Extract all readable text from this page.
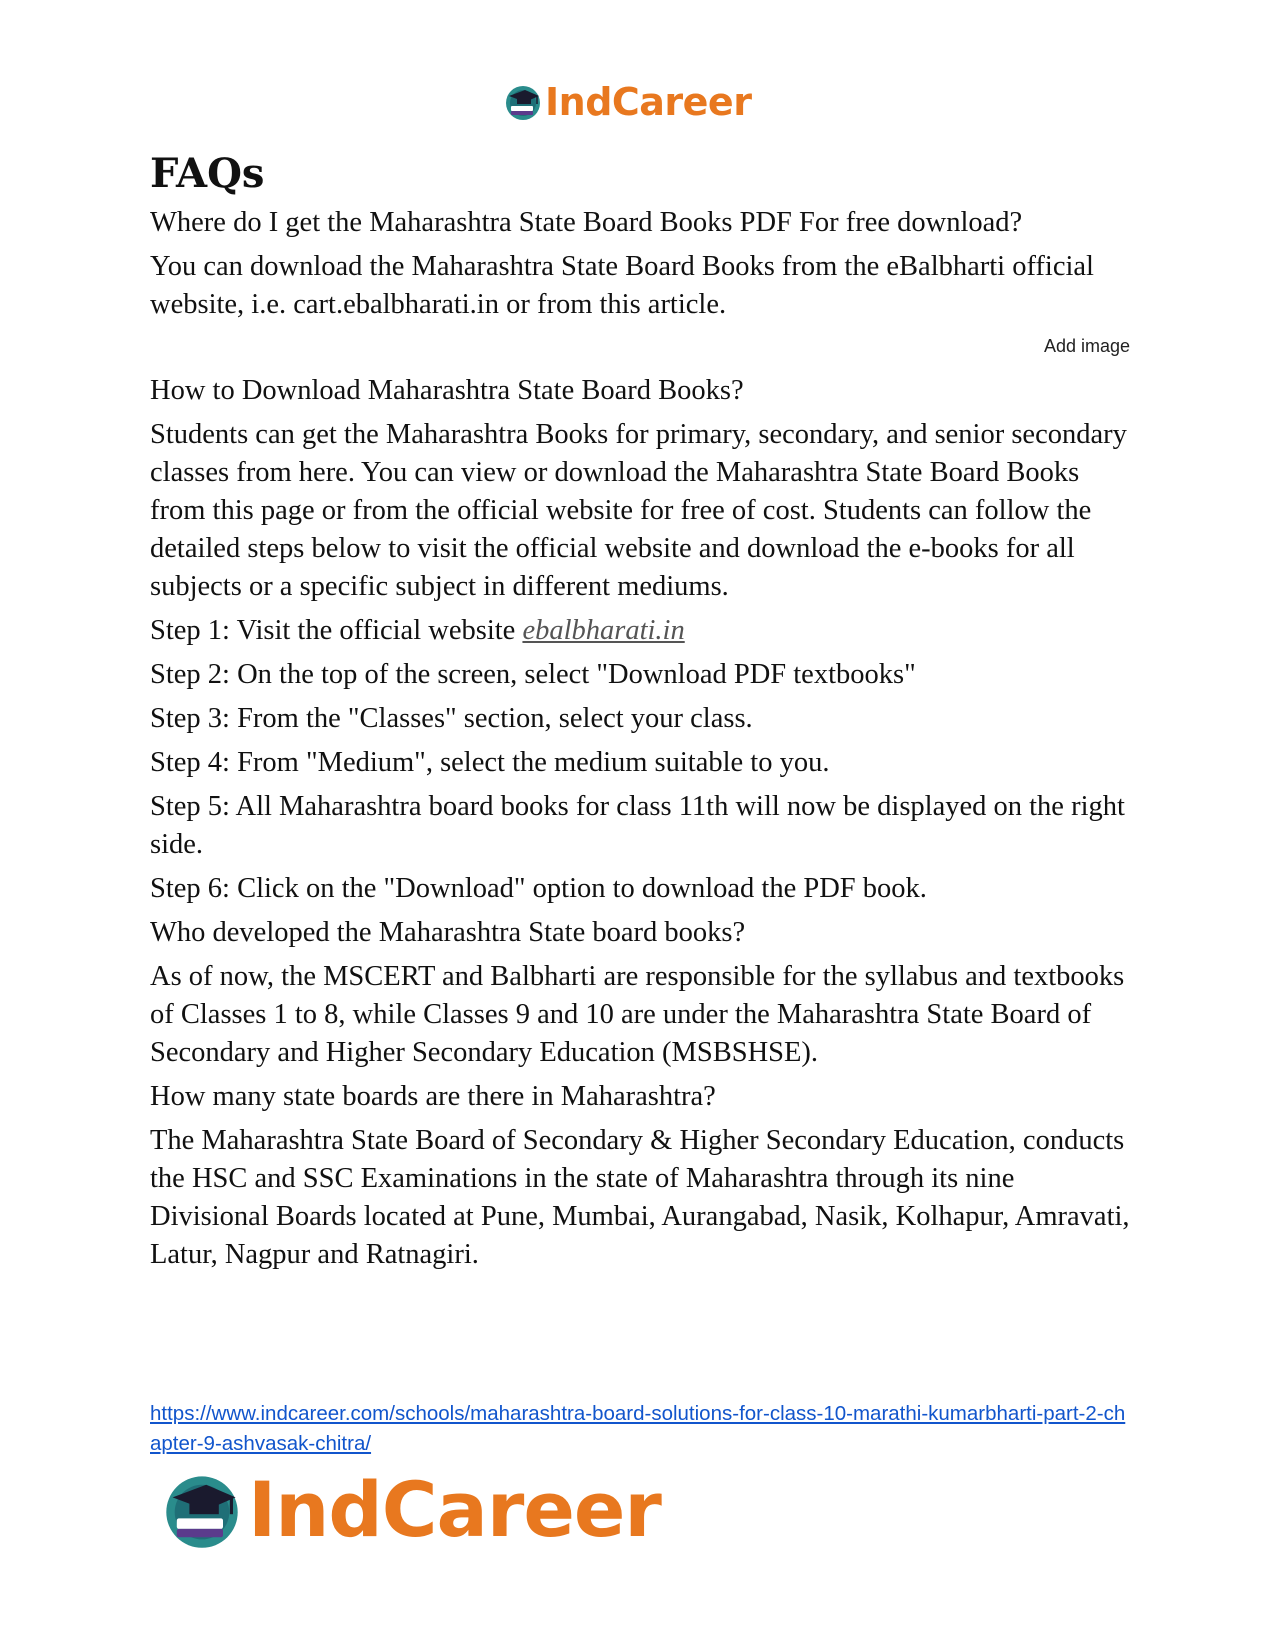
IndCareer
FAQs

Where do I get the Maharashtra State Board Books PDF For free download?

You can download the Maharashtra State Board Books from the eBalbharti official website, i.e. cart.ebalbharati.in or from this article.

Add image

How to Download Maharashtra State Board Books?

Students can get the Maharashtra Books for primary, secondary, and senior secondary classes from here. You can view or download the Maharashtra State Board Books from this page or from the official website for free of cost. Students can follow the detailed steps below to visit the official website and download the e-books for all subjects or a specific subject in different mediums.

Step 1: Visit the official website ebalbharati.in

Step 2: On the top of the screen, select "Download PDF textbooks"

Step 3: From the "Classes" section, select your class.

Step 4: From "Medium", select the medium suitable to you.

Step 5: All Maharashtra board books for class 11th will now be displayed on the right side.

Step 6: Click on the "Download" option to download the PDF book.

Who developed the Maharashtra State board books?

As of now, the MSCERT and Balbharti are responsible for the syllabus and textbooks of Classes 1 to 8, while Classes 9 and 10 are under the Maharashtra State Board of Secondary and Higher Secondary Education (MSBSHSE).

How many state boards are there in Maharashtra?

The Maharashtra State Board of Secondary & Higher Secondary Education, conducts the HSC and SSC Examinations in the state of Maharashtra through its nine Divisional Boards located at Pune, Mumbai, Aurangabad, Nasik, Kolhapur, Amravati, Latur, Nagpur and Ratnagiri.

https://www.indcareer.com/schools/maharashtra-board-solutions-for-class-10-marathi-kumarbharti-part-2-chapter-9-ashvasak-chitra/
IndCareer
